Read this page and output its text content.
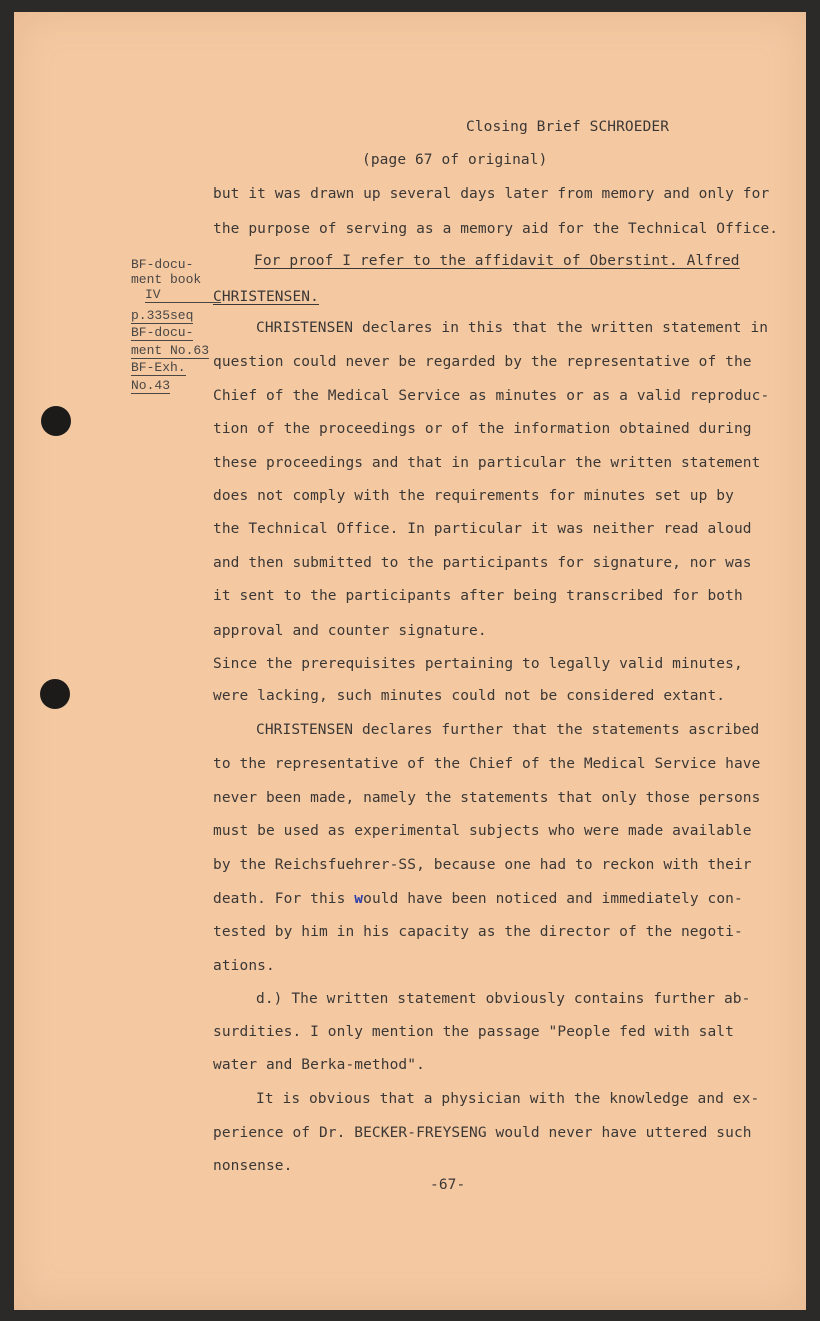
Closing Brief SCHROEDER
(page 67 of original)
BF-docu-
ment book
IV
p.335seq
BF-docu-
ment No.63
BF-Exh.
No.43
but it was drawn up several days later from memory and only for
the purpose of serving as a memory aid for the Technical Office.
For proof I refer to the affidavit of Oberstint. Alfred
CHRISTENSEN.
CHRISTENSEN declares in this that the written statement in
question could never be regarded by the representative of the
Chief of the Medical Service as minutes or as a valid reproduc-
tion of the proceedings or of the information obtained during
these proceedings and that in particular the written statement
does not comply with the requirements for minutes set up by
the Technical Office. In particular it was neither read aloud
and then submitted to the participants for signature, nor was
it sent to the participants after being transcribed for both
approval and counter signature.
Since the prerequisites pertaining to legally valid minutes,
were lacking, such minutes could not be considered extant.
CHRISTENSEN declares further that the statements ascribed
to the representative of the Chief of the Medical Service have
never been made, namely the statements that only those persons
must be used as experimental subjects who were made available
by the Reichsfuehrer-SS, because one had to reckon with their
death. For this would have been noticed and immediately con-
tested by him in his capacity as the director of the negoti-
ations.
d.) The written statement obviously contains further ab-
surdities. I only mention the passage "People fed with salt
water and Berka-method".
It is obvious that a physician with the knowledge and ex-
perience of Dr. BECKER-FREYSENG would never have uttered such
nonsense.
-67-
